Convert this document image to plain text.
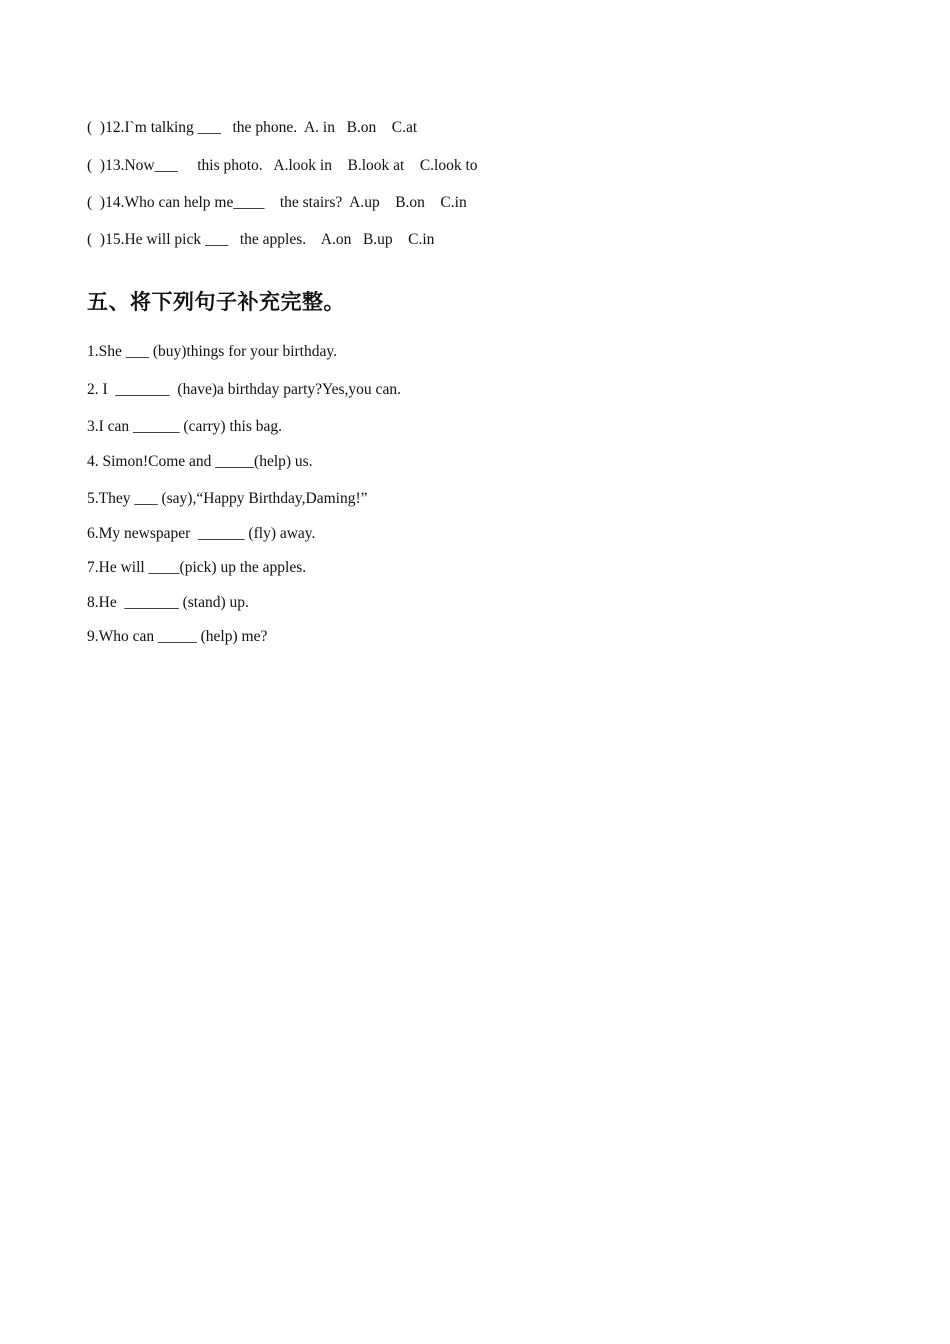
(  )12.I`m talking ___   the phone.  A. in   B.on    C.at
(  )13.Now___     this photo.   A.look in    B.look at    C.look to
(  )14.Who can help me____    the stairs?  A.up    B.on    C.in
(  )15.He will pick ___   the apples.    A.on   B.up    C.in
五、将下列句子补充完整。
1.She ___ (buy)things for your birthday.
2. I  _______  (have)a birthday party?Yes,you can.
3.I can ______ (carry) this bag.
4. Simon!Come and _____(help) us.
5.They ___ (say),“Happy Birthday,Daming!”
6.My newspaper  ______ (fly) away.
7.He will ____(pick) up the apples.
8.He  _______ (stand) up.
9.Who can _____ (help) me?
